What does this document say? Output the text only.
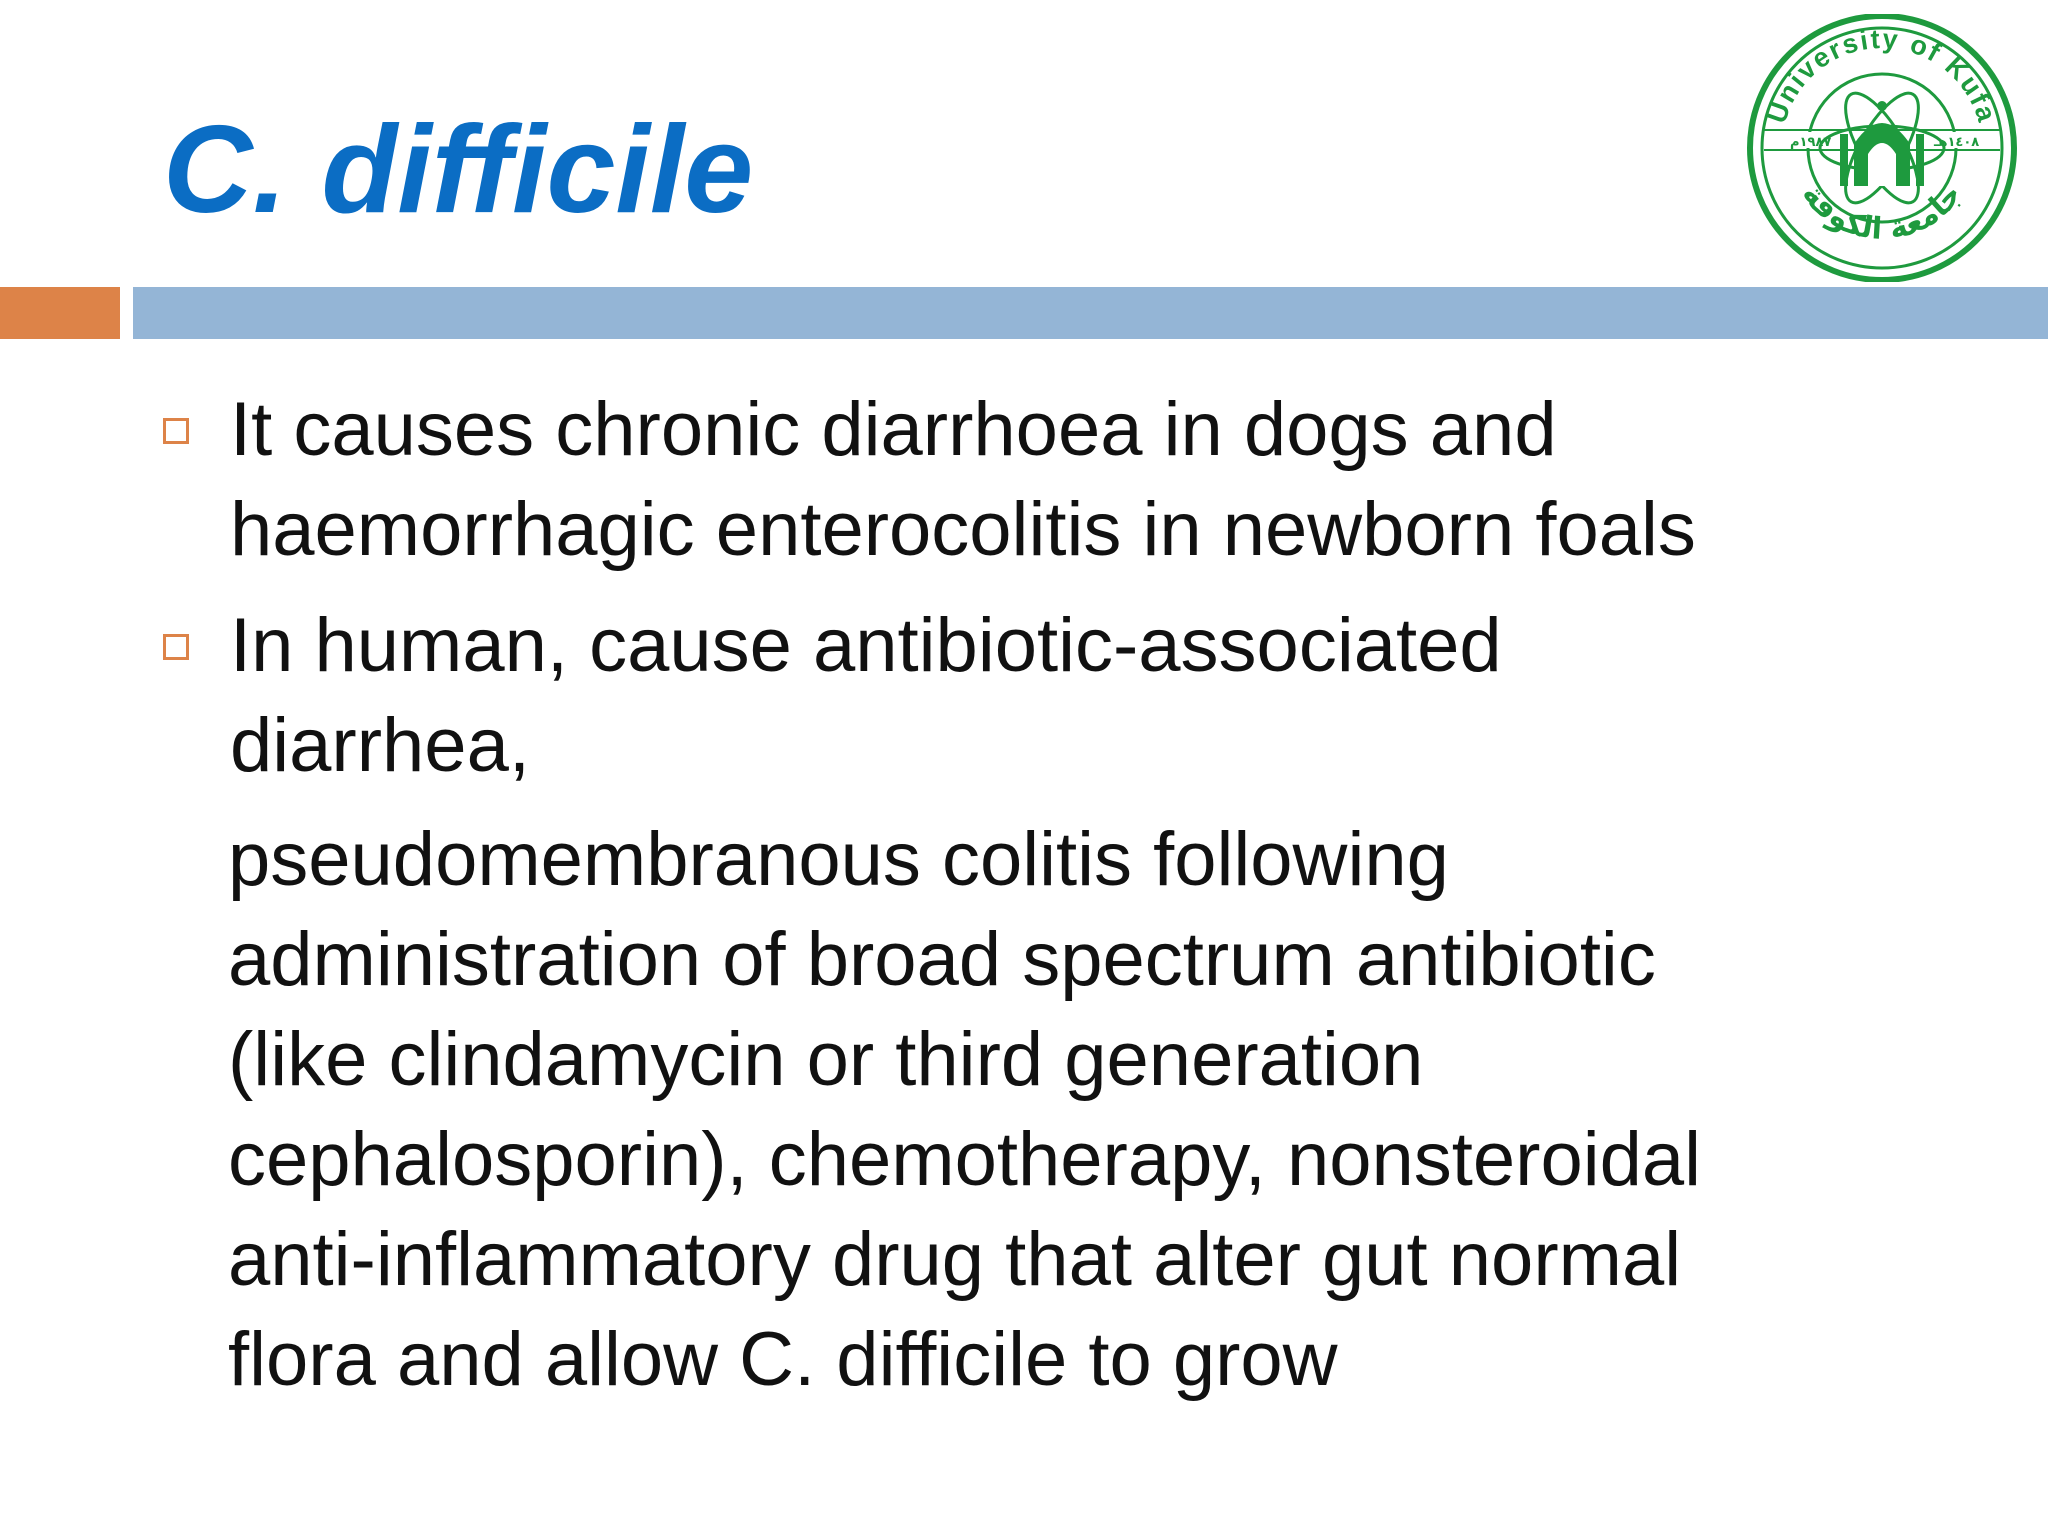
C. difficile	University of Kufa
جامعة الكوفة
١٩٨٧م	١٤٠٨هـ

It causes chronic diarrhoea in dogs and
haemorrhagic enterocolitis in newborn foals

In human, cause antibiotic-associated
diarrhea,

pseudomembranous colitis following
administration of broad spectrum antibiotic
(like clindamycin or third generation
cephalosporin), chemotherapy, nonsteroidal
anti-inflammatory drug that alter gut normal
flora and allow C. difficile to grow
